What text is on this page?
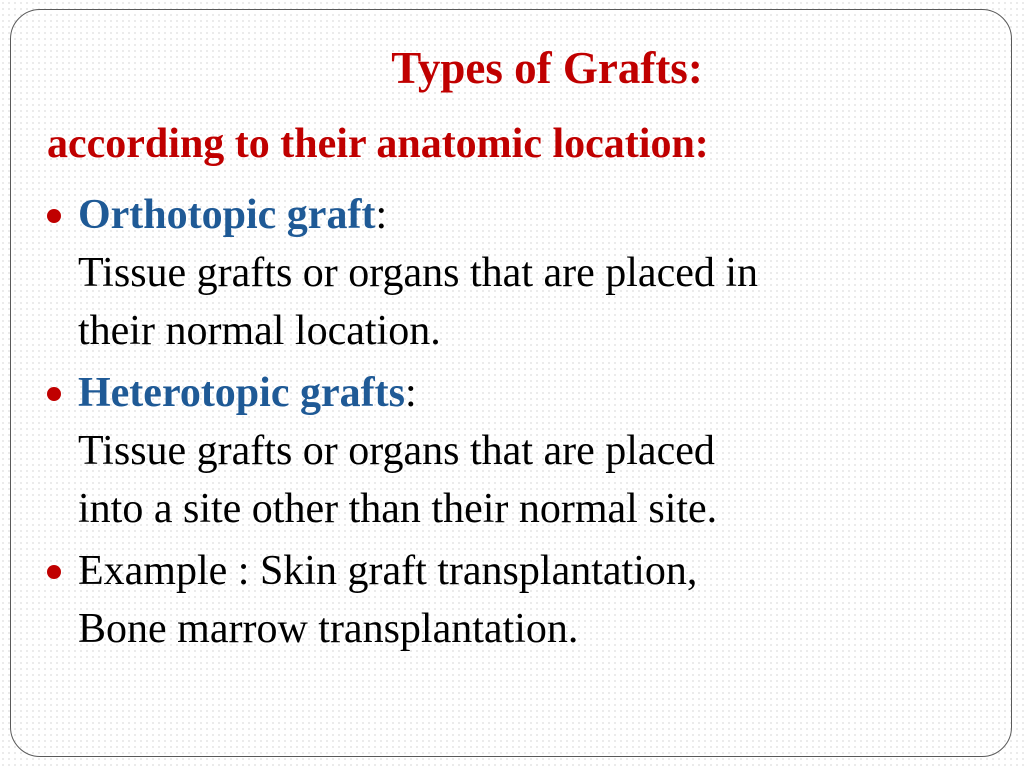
Types of Grafts:
according to their anatomic location:
Orthotopic graft:
Tissue grafts or organs that are placed in
their normal location.
Heterotopic grafts:
Tissue grafts or organs that are placed
into a site other than their normal site.
Example : Skin graft transplantation,
Bone marrow transplantation.
